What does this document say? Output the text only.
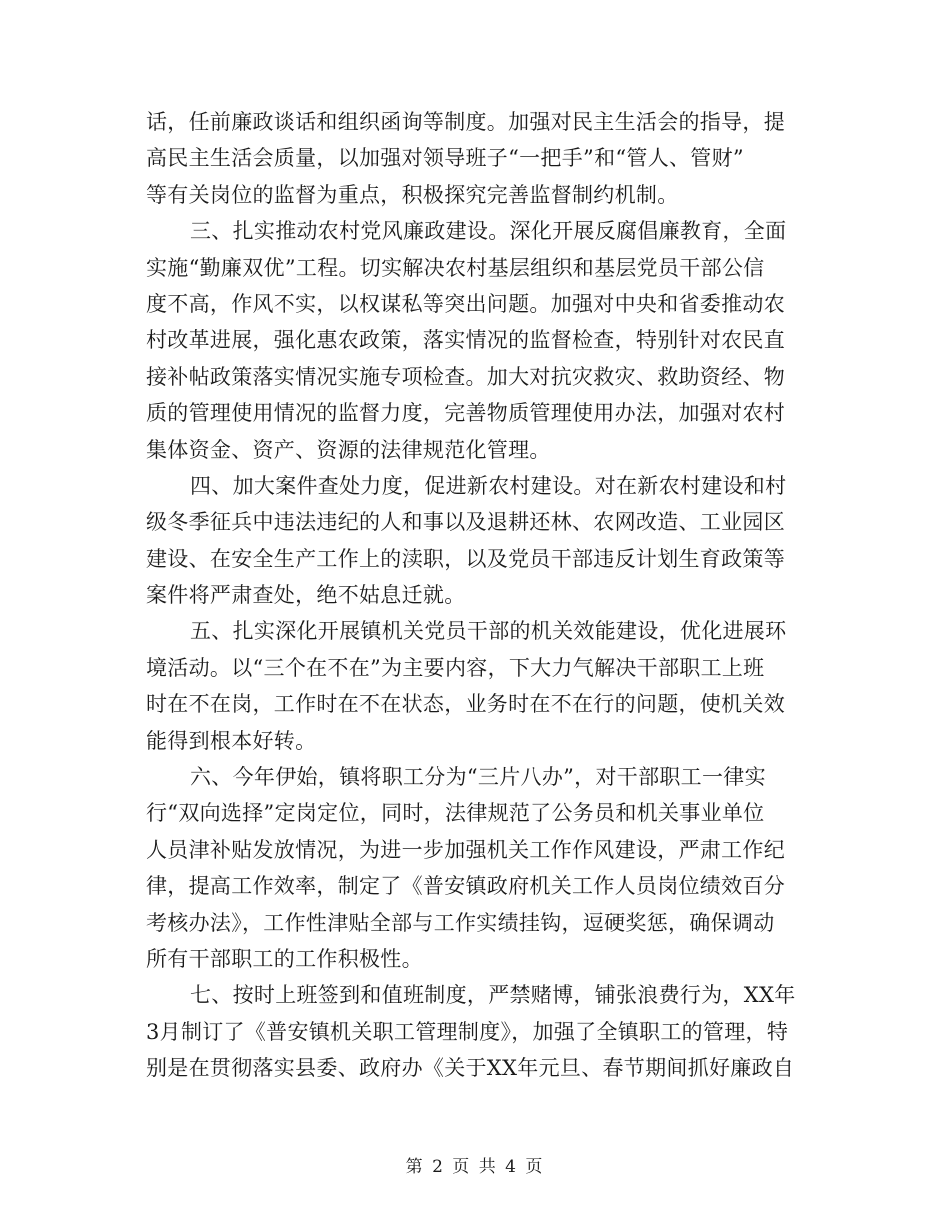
话，任前廉政谈话和组织函询等制度。加强对民主生活会的指导，提
高民主生活会质量，以加强对领导班子“一把手”和“管人、管财”
等有关岗位的监督为重点，积极探究完善监督制约机制。

三、扎实推动农村党风廉政建设。深化开展反腐倡廉教育，全面
实施“勤廉双优”工程。切实解决农村基层组织和基层党员干部公信
度不高，作风不实，以权谋私等突出问题。加强对中央和省委推动农
村改革进展，强化惠农政策，落实情况的监督检查，特别针对农民直
接补帖政策落实情况实施专项检查。加大对抗灾救灾、救助资经、物
质的管理使用情况的监督力度，完善物质管理使用办法，加强对农村
集体资金、资产、资源的法律规范化管理。

四、加大案件查处力度，促进新农村建设。对在新农村建设和村
级冬季征兵中违法违纪的人和事以及退耕还林、农网改造、工业园区
建设、在安全生产工作上的渎职，以及党员干部违反计划生育政策等
案件将严肃查处，绝不姑息迁就。

五、扎实深化开展镇机关党员干部的机关效能建设，优化进展环
境活动。以“三个在不在”为主要内容，下大力气解决干部职工上班
时在不在岗，工作时在不在状态，业务时在不在行的问题，使机关效
能得到根本好转。

六、今年伊始，镇将职工分为“三片八办”，对干部职工一律实
行“双向选择”定岗定位，同时，法律规范了公务员和机关事业单位
人员津补贴发放情况，为进一步加强机关工作作风建设，严肃工作纪
律，提高工作效率，制定了《普安镇政府机关工作人员岗位绩效百分
考核办法》，工作性津贴全部与工作实绩挂钩，逗硬奖惩，确保调动
所有干部职工的工作积极性。

七、按时上班签到和值班制度，严禁赌博，铺张浪费行为，XX年
3月制订了《普安镇机关职工管理制度》，加强了全镇职工的管理，特
别是在贯彻落实县委、政府办《关于XX年元旦、春节期间抓好廉政自

第 2 页 共 4 页
